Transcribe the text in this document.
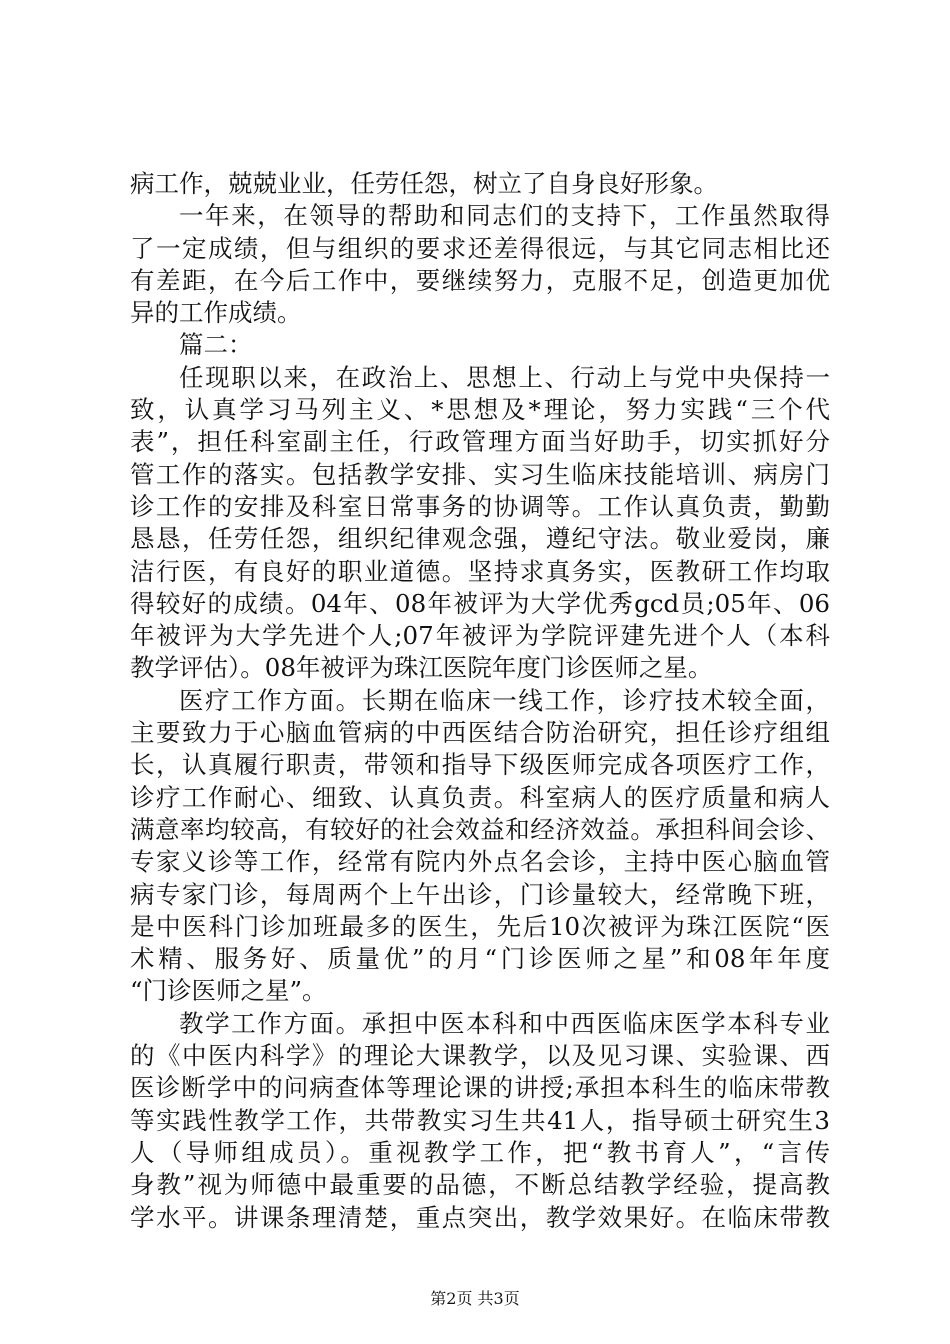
病工作，兢兢业业，任劳任怨，树立了自身良好形象。
一年来，在领导的帮助和同志们的支持下，工作虽然取得
了一定成绩，但与组织的要求还差得很远，与其它同志相比还
有差距，在今后工作中，要继续努力，克服不足，创造更加优
异的工作成绩。
篇二：
任现职以来，在政治上、思想上、行动上与党中央保持一
致，认真学习马列主义、*思想及*理论，努力实践“三个代
表”，担任科室副主任，行政管理方面当好助手，切实抓好分
管工作的落实。包括教学安排、实习生临床技能培训、病房门
诊工作的安排及科室日常事务的协调等。工作认真负责，勤勤
恳恳，任劳任怨，组织纪律观念强，遵纪守法。敬业爱岗，廉
洁行医，有良好的职业道德。坚持求真务实，医教研工作均取
得较好的成绩。04年、08年被评为大学优秀gcd员;05年、06
年被评为大学先进个人;07年被评为学院评建先进个人（本科
教学评估）。08年被评为珠江医院年度门诊医师之星。
医疗工作方面。长期在临床一线工作，诊疗技术较全面，
主要致力于心脑血管病的中西医结合防治研究，担任诊疗组组
长，认真履行职责，带领和指导下级医师完成各项医疗工作，
诊疗工作耐心、细致、认真负责。科室病人的医疗质量和病人
满意率均较高，有较好的社会效益和经济效益。承担科间会诊、
专家义诊等工作，经常有院内外点名会诊，主持中医心脑血管
病专家门诊，每周两个上午出诊，门诊量较大，经常晚下班，
是中医科门诊加班最多的医生，先后10次被评为珠江医院“医
术精、服务好、质量优”的月“门诊医师之星”和08年年度
“门诊医师之星”。
教学工作方面。承担中医本科和中西医临床医学本科专业
的《中医内科学》的理论大课教学，以及见习课、实验课、西
医诊断学中的问病查体等理论课的讲授;承担本科生的临床带教
等实践性教学工作，共带教实习生共41人，指导硕士研究生3
人（导师组成员）。重视教学工作，把“教书育人”，“言传
身教”视为师德中最重要的品德，不断总结教学经验，提高教
学水平。讲课条理清楚，重点突出，教学效果好。在临床带教
第2页 共3页
